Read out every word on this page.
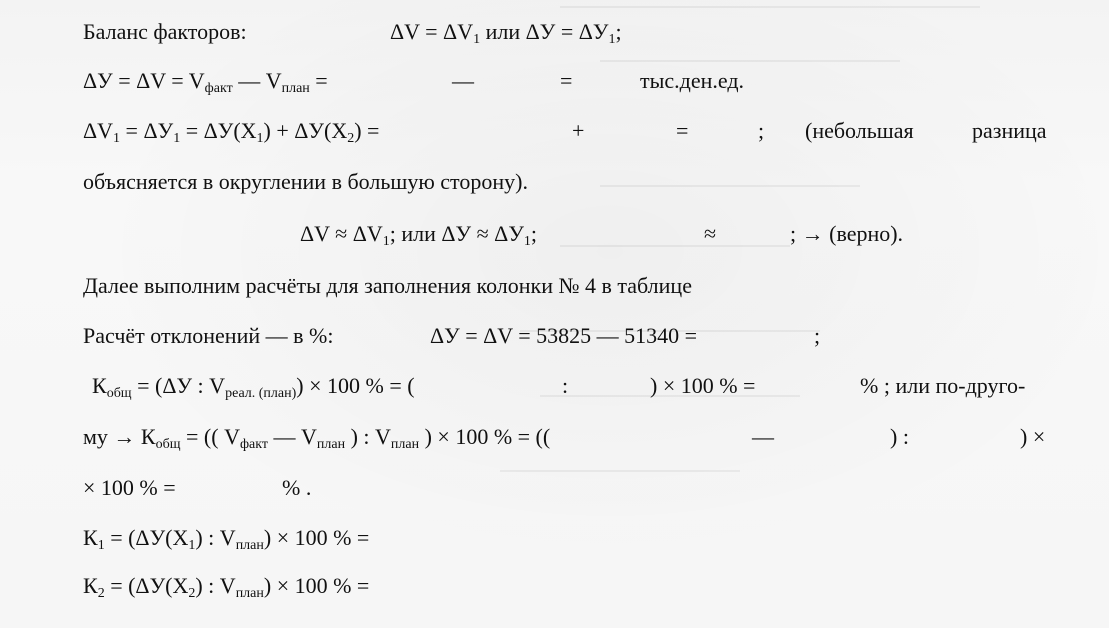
Баланс факторов:	ΔV = ΔV1 или ΔУ = ΔУ1;
ΔУ = ΔV = Vфакт — Vплан =	—	=	тыс.ден.ед.
ΔV1 = ΔУ1 = ΔУ(Х1) + ΔУ(Х2) =	+	=	; (небольшая	разница
объясняется в округлении в большую сторону).
ΔV ≈ ΔV1; или ΔУ ≈ ΔУ1;	≈	; → (верно).
Далее выполним расчёты для заполнения колонки № 4 в таблице
Расчёт отклонений — в %:	ΔУ = ΔV = 53825 — 51340 =	;
Кобщ = (ΔУ : Vреал. (план)) × 100 % = (	:	) × 100 % =	% ; или по-друго-
му → Кобщ = (( Vфакт — Vплан ) : Vплан ) × 100 % = ((	—	) :	) ×
× 100 % =	% .
К1 = (ΔУ(Х1) : Vплан) × 100 % =
К2 = (ΔУ(Х2) : Vплан) × 100 % =
